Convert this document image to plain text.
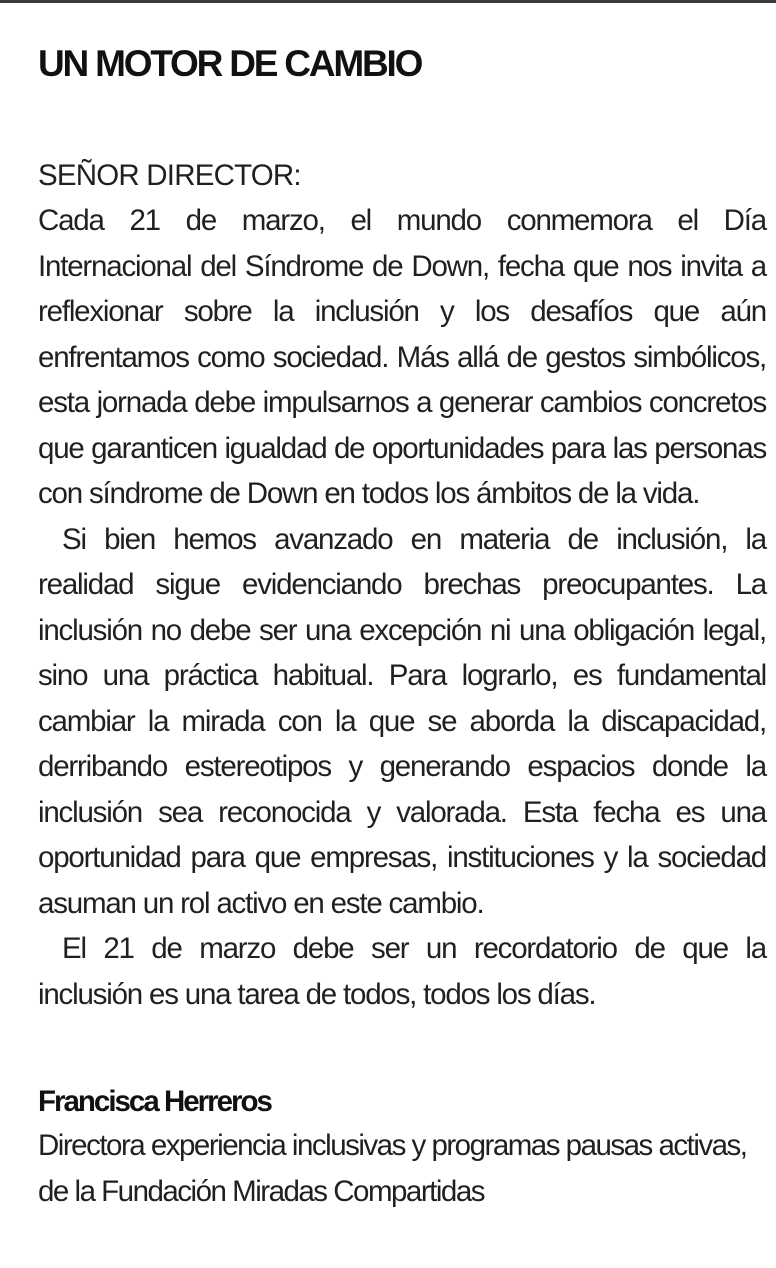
UN MOTOR DE CAMBIO

SEÑOR DIRECTOR:

Cada 21 de marzo, el mundo conmemora el Día Internacional del Síndrome de Down, fecha que nos invita a reflexionar sobre la inclusión y los desafíos que aún enfrentamos como sociedad. Más allá de gestos simbólicos, esta jornada debe impulsarnos a generar cambios concretos que garanticen igualdad de oportunidades para las personas con síndrome de Down en todos los ámbitos de la vida.

Si bien hemos avanzado en materia de inclusión, la realidad sigue evidenciando brechas preocupantes. La inclusión no debe ser una excepción ni una obligación legal, sino una práctica habitual. Para lograrlo, es fundamental cambiar la mirada con la que se aborda la discapacidad, derribando estereotipos y generando espacios donde la inclusión sea reconocida y valorada. Esta fecha es una oportunidad para que empresas, instituciones y la sociedad asuman un rol activo en este cambio.

El 21 de marzo debe ser un recordatorio de que la inclusión es una tarea de todos, todos los días.

Francisca Herreros

Directora experiencia inclusivas y programas pausas activas, de la Fundación Miradas Compartidas
